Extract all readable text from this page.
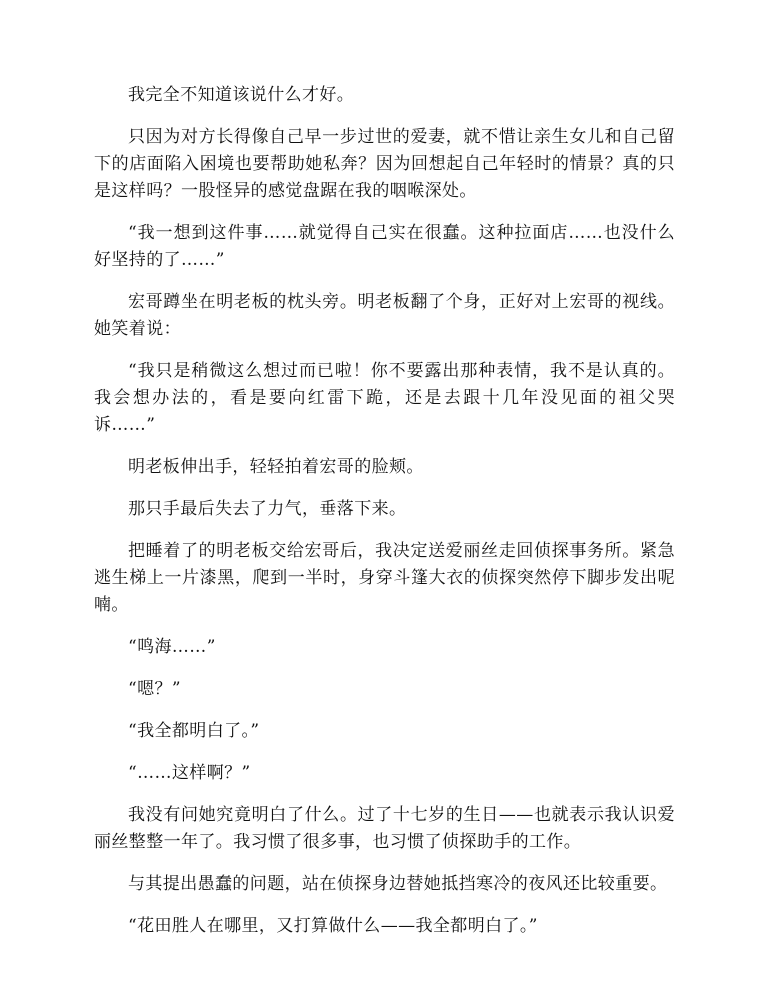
我完全不知道该说什么才好。

只因为对方长得像自己早一步过世的爱妻，就不惜让亲生女儿和自己留下的店面陷入困境也要帮助她私奔？因为回想起自己年轻时的情景？真的只是这样吗？一股怪异的感觉盘踞在我的咽喉深处。

“我一想到这件事……就觉得自己实在很蠢。这种拉面店……也没什么好坚持的了……”

宏哥蹲坐在明老板的枕头旁。明老板翻了个身，正好对上宏哥的视线。她笑着说：

“我只是稍微这么想过而已啦！你不要露出那种表情，我不是认真的。我会想办法的，看是要向红雷下跪，还是去跟十几年没见面的祖父哭诉……”

明老板伸出手，轻轻拍着宏哥的脸颊。

那只手最后失去了力气，垂落下来。

把睡着了的明老板交给宏哥后，我决定送爱丽丝走回侦探事务所。紧急逃生梯上一片漆黑，爬到一半时，身穿斗篷大衣的侦探突然停下脚步发出呢喃。

“鸣海……”

“嗯？”

“我全都明白了。”

“……这样啊？”

我没有问她究竟明白了什么。过了十七岁的生日——也就表示我认识爱丽丝整整一年了。我习惯了很多事，也习惯了侦探助手的工作。

与其提出愚蠢的问题，站在侦探身边替她抵挡寒冷的夜风还比较重要。

“花田胜人在哪里，又打算做什么——我全都明白了。”
